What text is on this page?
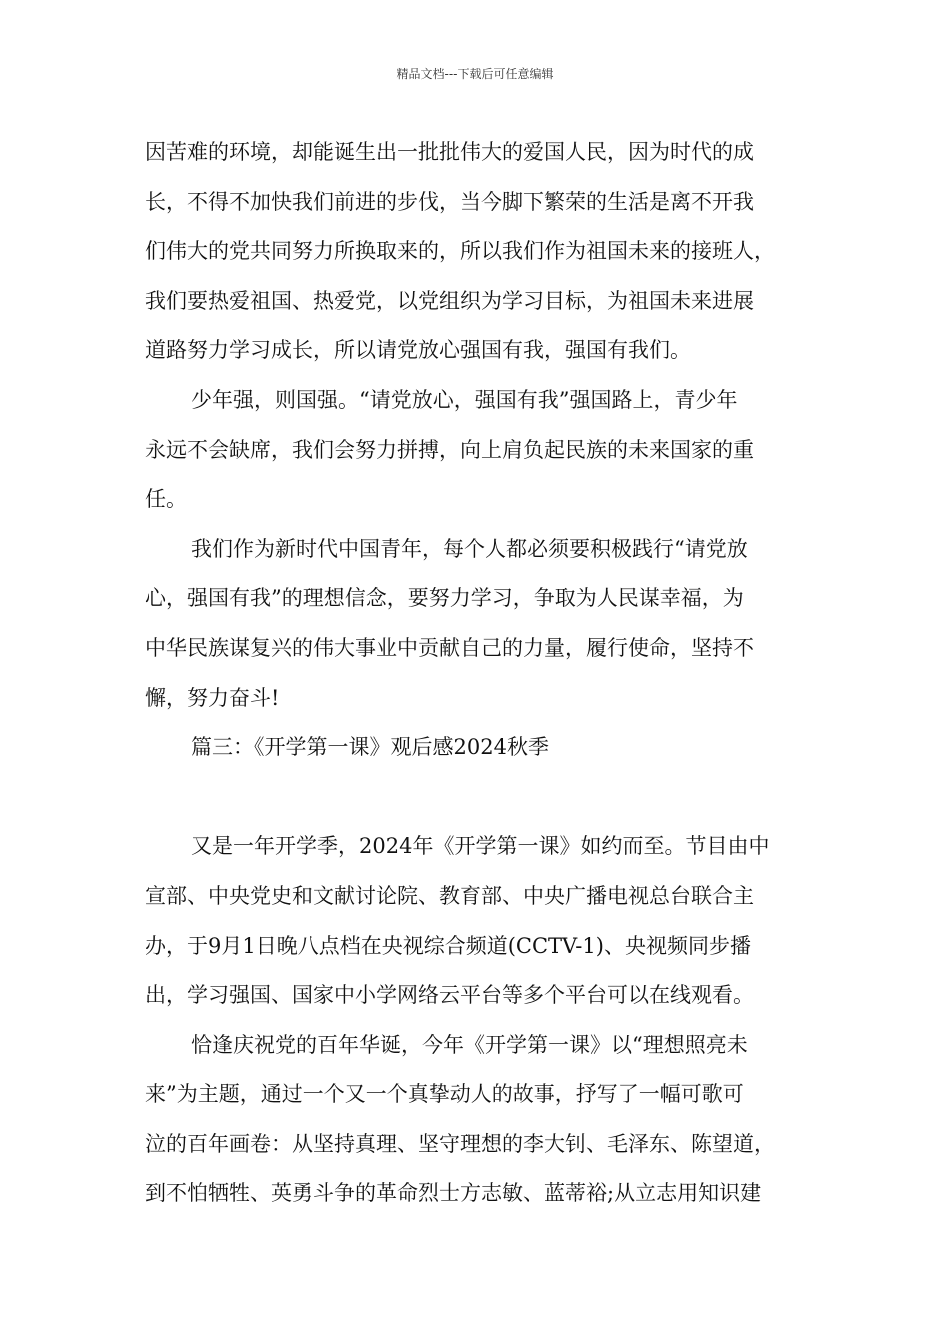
精品文档---下载后可任意编辑
因苦难的环境，却能诞生出一批批伟大的爱国人民，因为时代的成
长，不得不加快我们前进的步伐，当今脚下繁荣的生活是离不开我
们伟大的党共同努力所换取来的，所以我们作为祖国未来的接班人，
我们要热爱祖国、热爱党，以党组织为学习目标，为祖国未来进展
道路努力学习成长，所以请党放心强国有我，强国有我们。
少年强，则国强。“请党放心，强国有我”强国路上，青少年
永远不会缺席，我们会努力拼搏，向上肩负起民族的未来国家的重
任。
我们作为新时代中国青年，每个人都必须要积极践行“请党放
心，强国有我”的理想信念，要努力学习，争取为人民谋幸福，为
中华民族谋复兴的伟大事业中贡献自己的力量，履行使命，坚持不
懈，努力奋斗!
篇三：《开学第一课》观后感2024秋季
又是一年开学季，2024年《开学第一课》如约而至。节目由中
宣部、中央党史和文献讨论院、教育部、中央广播电视总台联合主
办，于9月1日晚八点档在央视综合频道(CCTV-1)、央视频同步播
出，学习强国、国家中小学网络云平台等多个平台可以在线观看。
恰逢庆祝党的百年华诞，今年《开学第一课》以“理想照亮未
来”为主题，通过一个又一个真挚动人的故事，抒写了一幅可歌可
泣的百年画卷：从坚持真理、坚守理想的李大钊、毛泽东、陈望道，
到不怕牺牲、英勇斗争的革命烈士方志敏、蓝蒂裕;从立志用知识建
